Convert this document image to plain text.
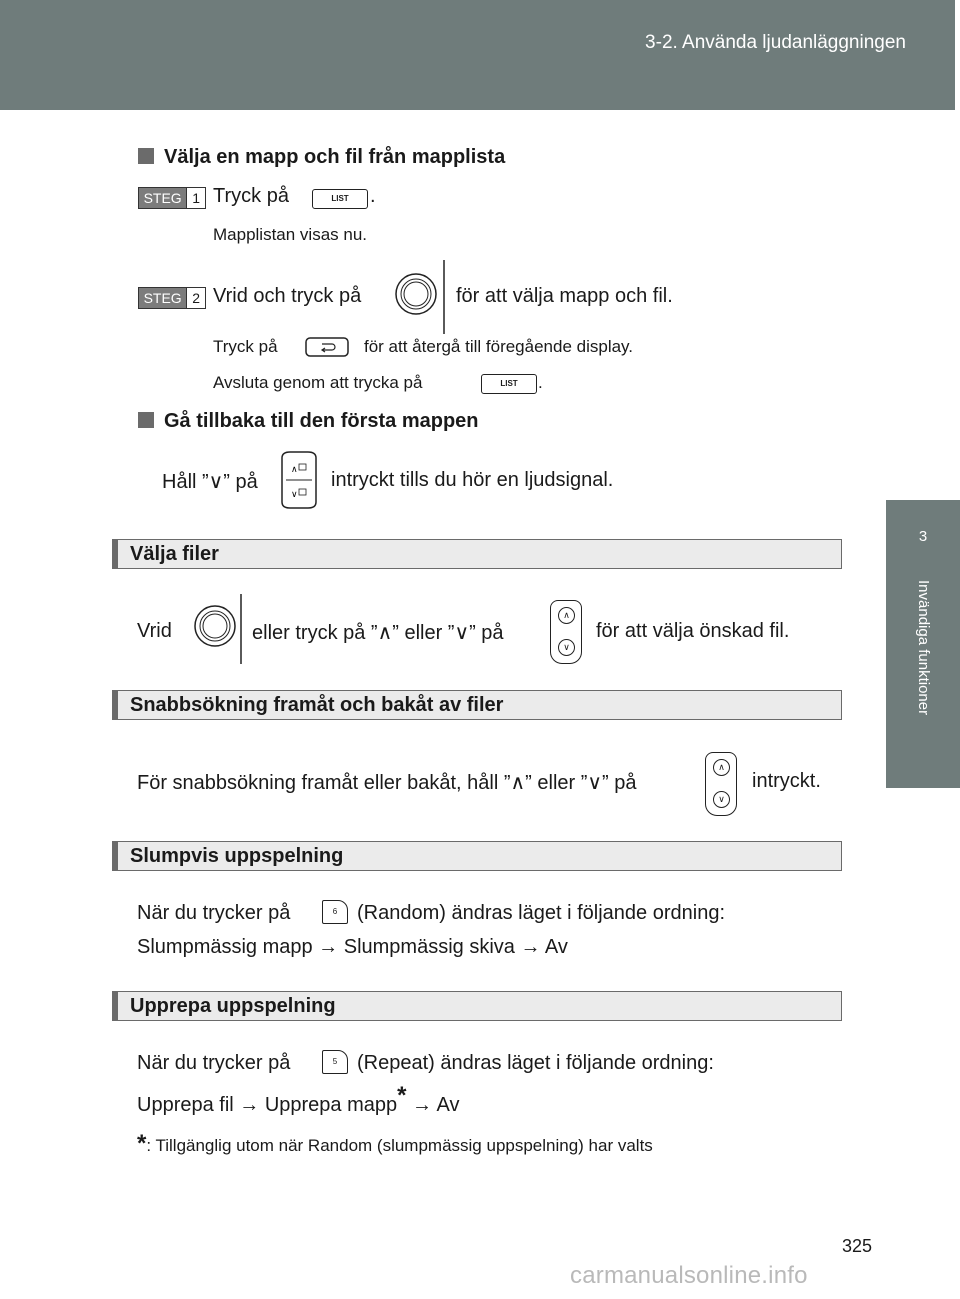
3-2. Använda ljudanläggningen
3
Invändiga funktioner
Välja en mapp och fil från mapplista
STEG 1 Tryck på	LIST	.
Mapplistan visas nu.
STEG 2 Vrid och tryck på	för att välja mapp och fil.
Tryck på	för att återgå till föregående display.
Avsluta genom att trycka på	LIST	.
Gå tillbaka till den första mappen
Håll ”∨” på
∧
∨
intryckt tills du hör en ljudsignal.
Välja filer
Vrid	eller tryck på ”∧” eller ”∨” på
∧
∨
för att välja önskad fil.
Snabbsökning framåt och bakåt av filer
För snabbsökning framåt eller bakåt, håll ”∧” eller ”∨” på
∧
∨
intryckt.
Slumpvis uppspelning
När du trycker på	6 (Random) ändras läget i följande ordning:
Slumpmässig mapp → Slumpmässig skiva → Av
Upprepa uppspelning
När du trycker på	5 (Repeat) ändras läget i följande ordning:
Upprepa fil → Upprepa mapp* → Av
*: Tillgänglig utom när Random (slumpmässig uppspelning) har valts
325
carmanualsonline.info
